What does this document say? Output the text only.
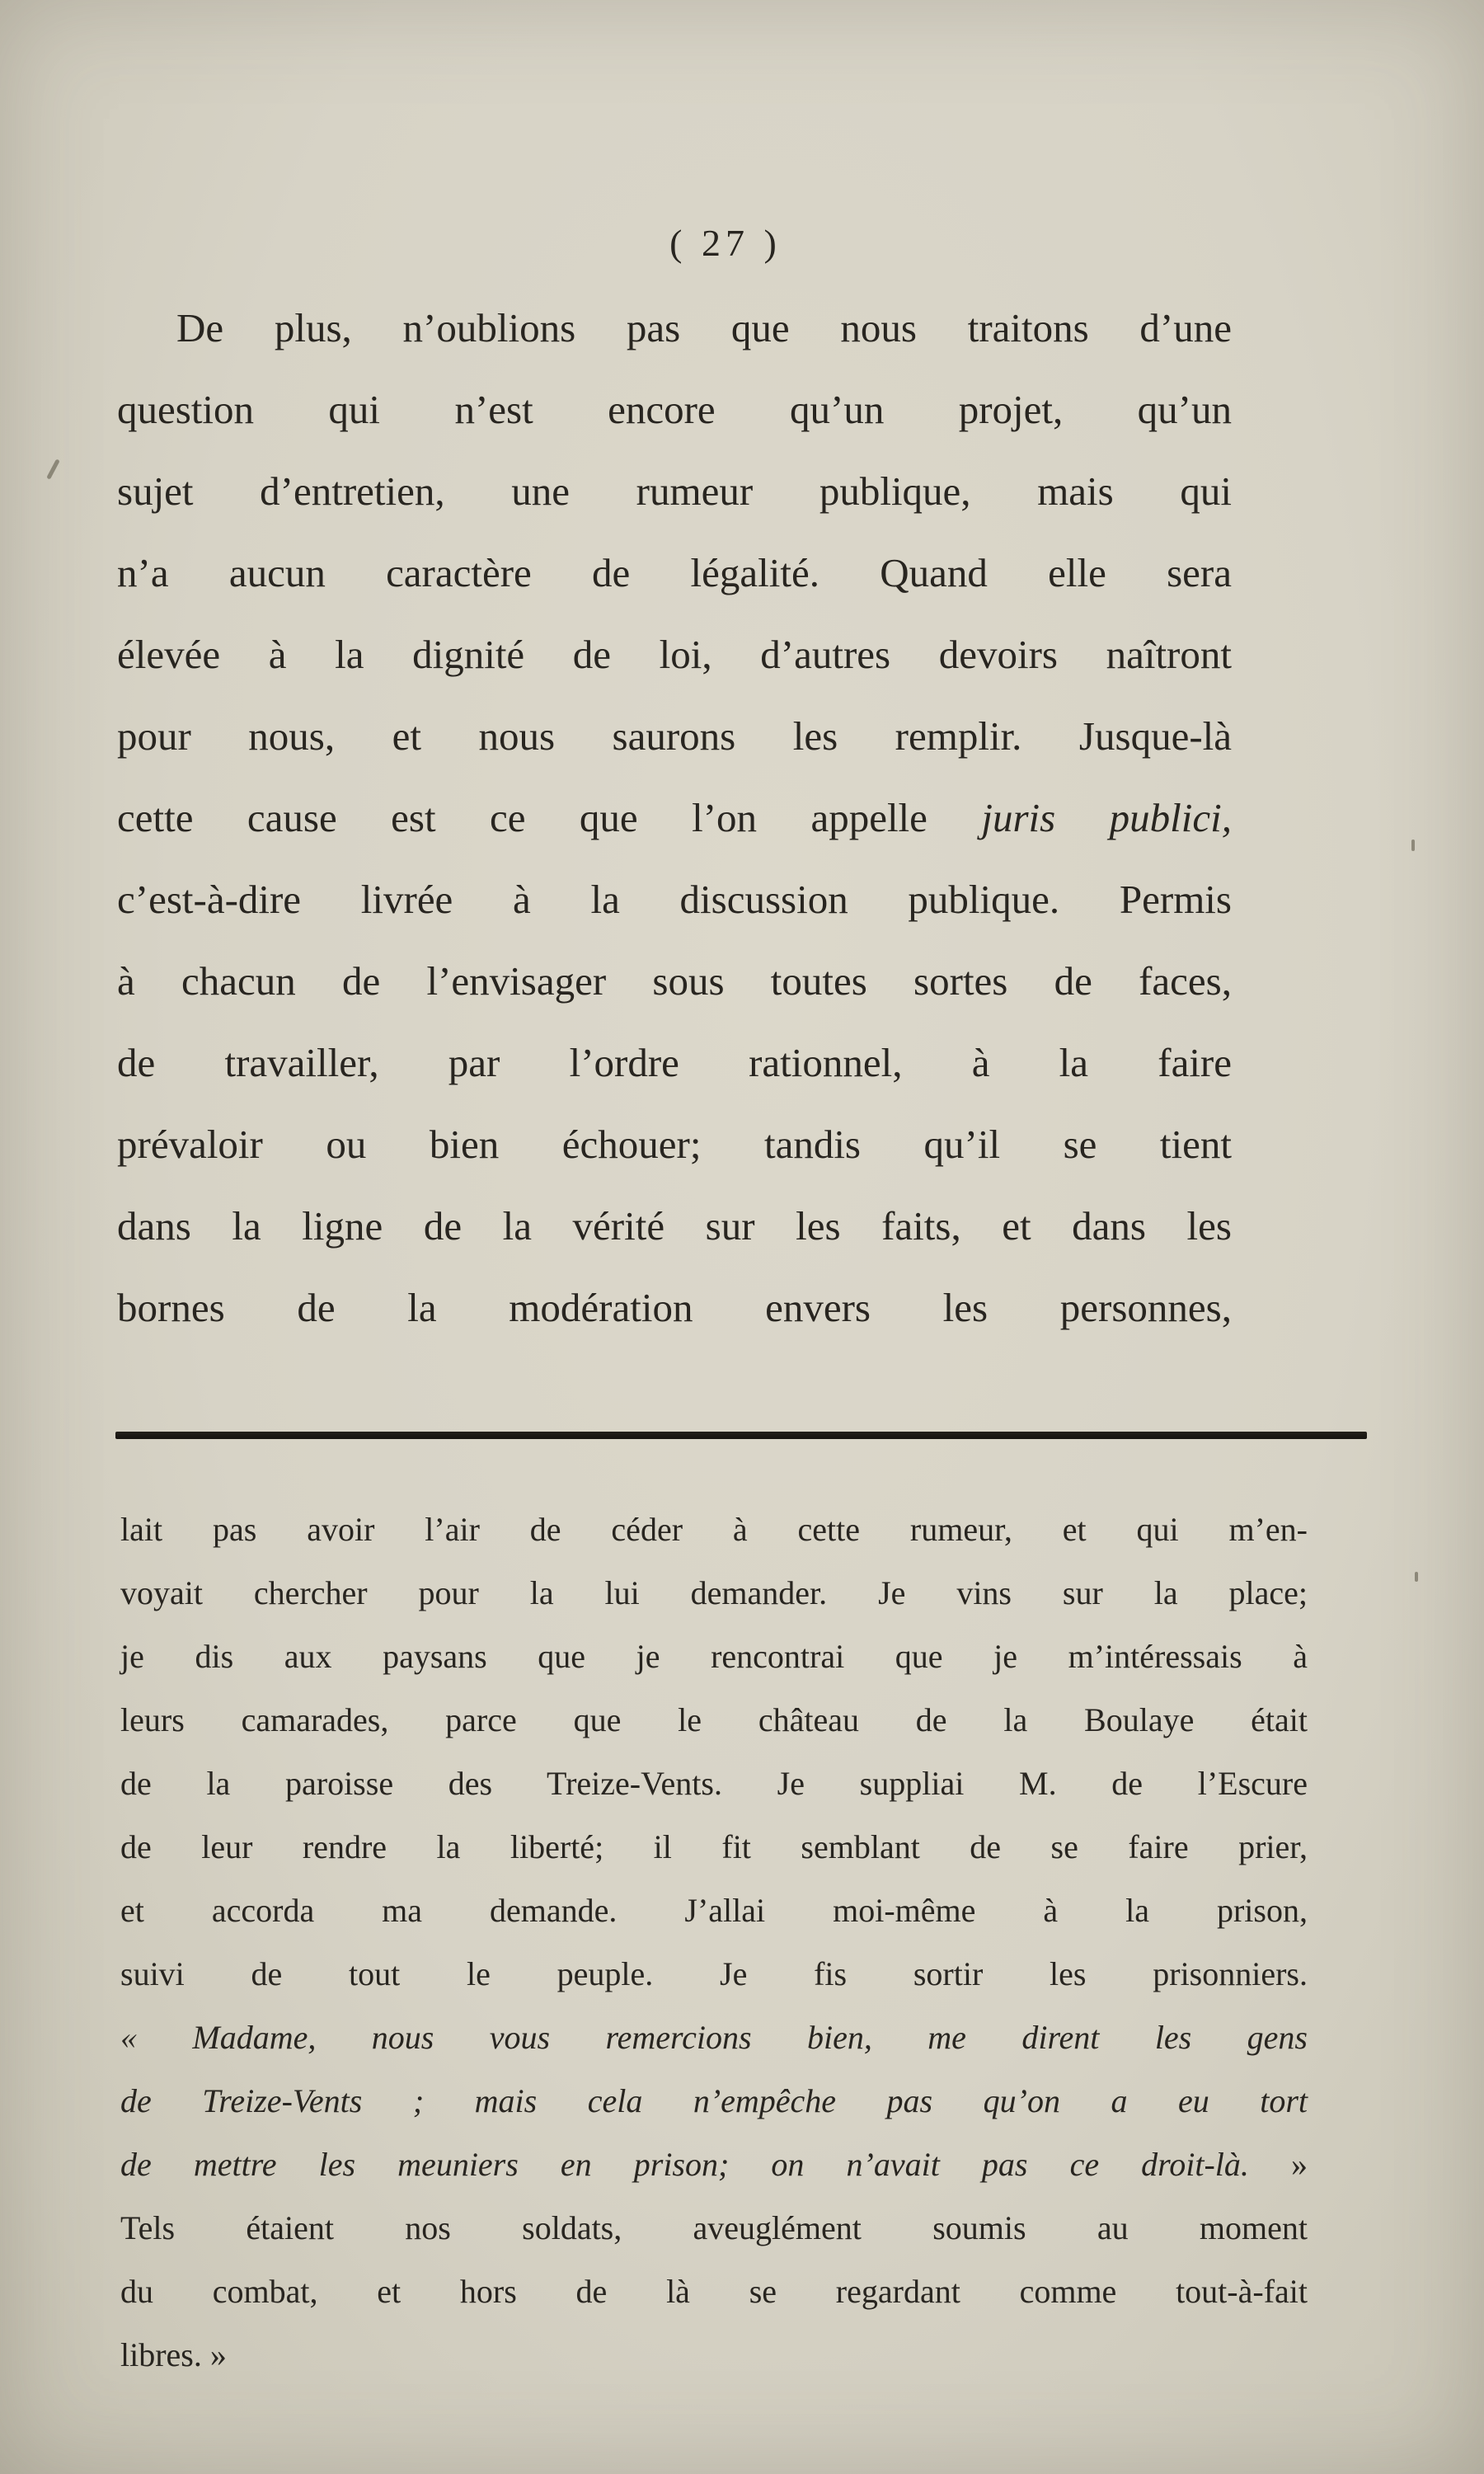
( 27 )
De plus, n’oublions pas que nous traitons d’une
question qui n’est encore qu’un projet, qu’un
sujet d’entretien, une rumeur publique, mais qui
n’a aucun caractère de légalité. Quand elle sera
élevée à la dignité de loi, d’autres devoirs naîtront
pour nous, et nous saurons les remplir. Jusque-là
cette cause est ce que l’on appelle juris publici,
c’est-à-dire livrée à la discussion publique. Permis
à chacun de l’envisager sous toutes sortes de faces,
de travailler, par l’ordre rationnel, à la faire
prévaloir ou bien échouer; tandis qu’il se tient
dans la ligne de la vérité sur les faits, et dans les
bornes de la modération envers les personnes,
lait pas avoir l’air de céder à cette rumeur, et qui m’en-
voyait chercher pour la lui demander. Je vins sur la place;
je dis aux paysans que je rencontrai que je m’intéressais à
leurs camarades, parce que le château de la Boulaye était
de la paroisse des Treize-Vents. Je suppliai M. de l’Escure
de leur rendre la liberté; il fit semblant de se faire prier,
et accorda ma demande. J’allai moi-même à la prison,
suivi de tout le peuple. Je fis sortir les prisonniers.
« Madame, nous vous remercions bien, me dirent les gens
de Treize-Vents ; mais cela n’empêche pas qu’on a eu tort
de mettre les meuniers en prison; on n’avait pas ce droit-là. »
Tels étaient nos soldats, aveuglément soumis au moment
du combat, et hors de là se regardant comme tout-à-fait
libres. »
